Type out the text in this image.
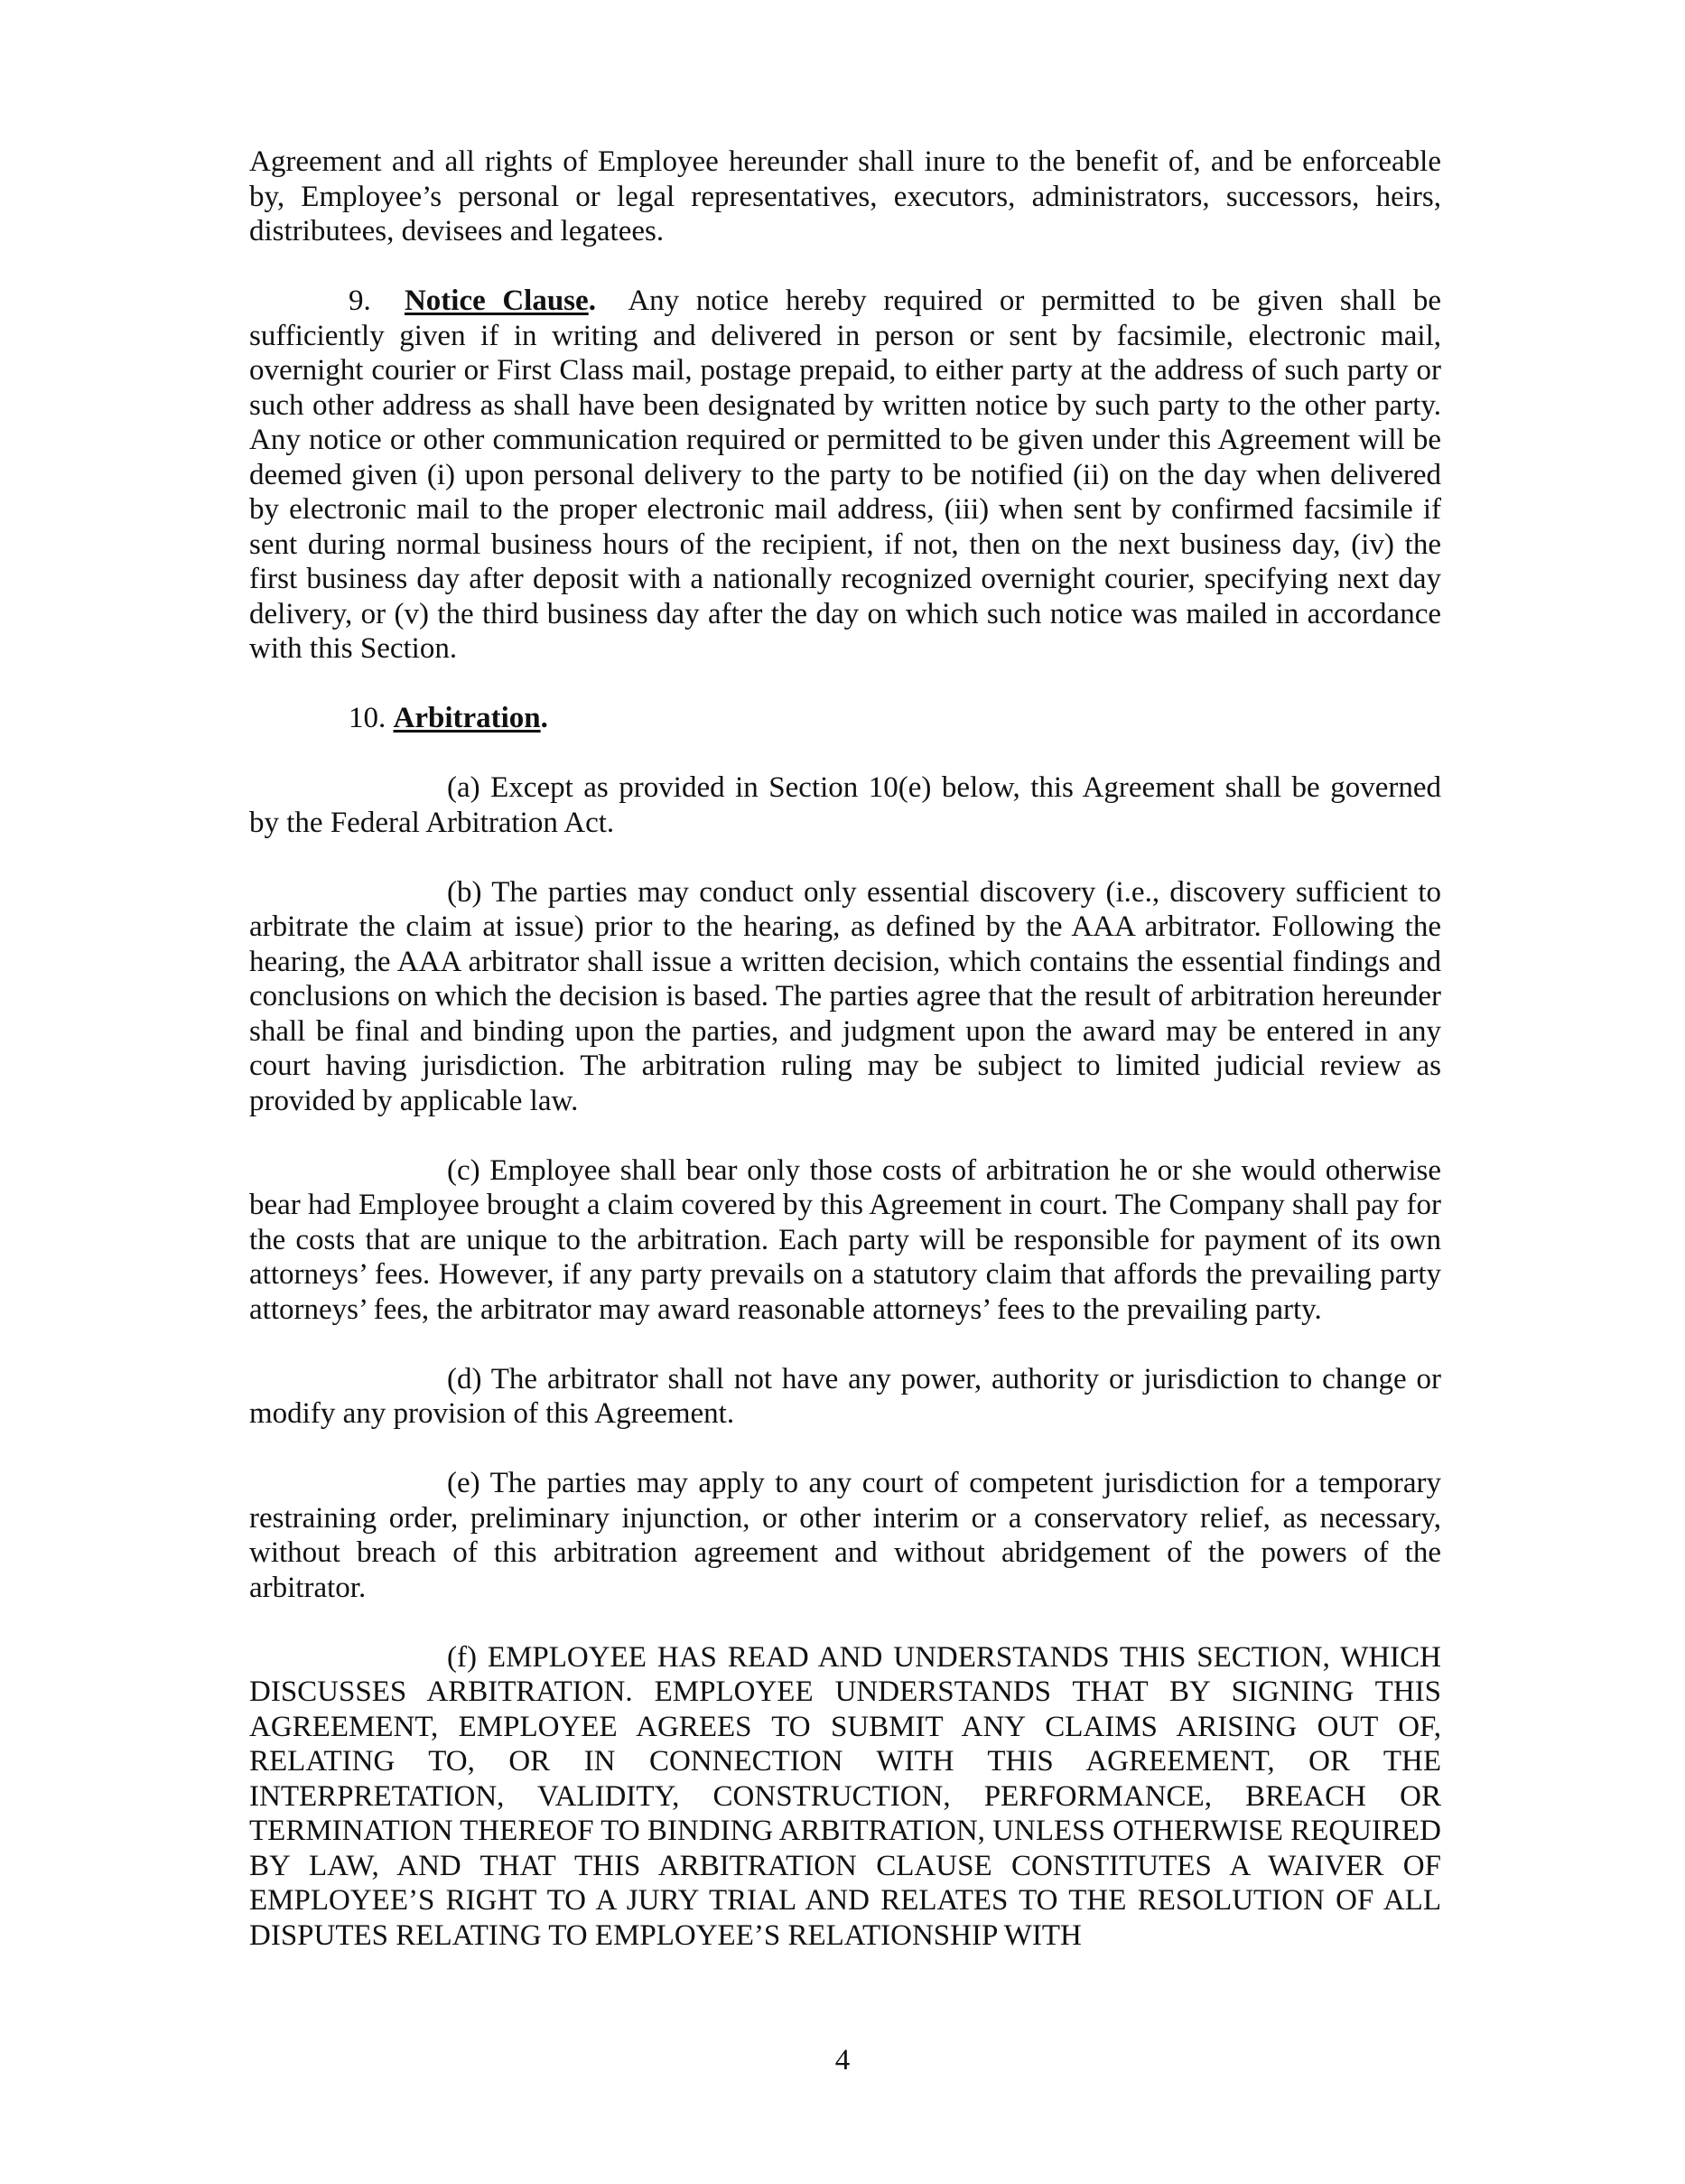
Agreement and all rights of Employee hereunder shall inure to the benefit of, and be enforceable by, Employee’s personal or legal representatives, executors, administrators, successors, heirs, distributees, devisees and legatees.

9. Notice Clause. Any notice hereby required or permitted to be given shall be sufficiently given if in writing and delivered in person or sent by facsimile, electronic mail, overnight courier or First Class mail, postage prepaid, to either party at the address of such party or such other address as shall have been designated by written notice by such party to the other party. Any notice or other communication required or permitted to be given under this Agreement will be deemed given (i) upon personal delivery to the party to be notified (ii) on the day when delivered by electronic mail to the proper electronic mail address, (iii) when sent by confirmed facsimile if sent during normal business hours of the recipient, if not, then on the next business day, (iv) the first business day after deposit with a nationally recognized overnight courier, specifying next day delivery, or (v) the third business day after the day on which such notice was mailed in accordance with this Section.

10. Arbitration.

(a) Except as provided in Section 10(e) below, this Agreement shall be governed by the Federal Arbitration Act.

(b) The parties may conduct only essential discovery (i.e., discovery sufficient to arbitrate the claim at issue) prior to the hearing, as defined by the AAA arbitrator. Following the hearing, the AAA arbitrator shall issue a written decision, which contains the essential findings and conclusions on which the decision is based. The parties agree that the result of arbitration hereunder shall be final and binding upon the parties, and judgment upon the award may be entered in any court having jurisdiction. The arbitration ruling may be subject to limited judicial review as provided by applicable law.

(c) Employee shall bear only those costs of arbitration he or she would otherwise bear had Employee brought a claim covered by this Agreement in court. The Company shall pay for the costs that are unique to the arbitration. Each party will be responsible for payment of its own attorneys’ fees. However, if any party prevails on a statutory claim that affords the prevailing party attorneys’ fees, the arbitrator may award reasonable attorneys’ fees to the prevailing party.

(d) The arbitrator shall not have any power, authority or jurisdiction to change or modify any provision of this Agreement.

(e) The parties may apply to any court of competent jurisdiction for a temporary restraining order, preliminary injunction, or other interim or a conservatory relief, as necessary, without breach of this arbitration agreement and without abridgement of the powers of the arbitrator.

(f) EMPLOYEE HAS READ AND UNDERSTANDS THIS SECTION, WHICH DISCUSSES ARBITRATION. EMPLOYEE UNDERSTANDS THAT BY SIGNING THIS AGREEMENT, EMPLOYEE AGREES TO SUBMIT ANY CLAIMS ARISING OUT OF, RELATING TO, OR IN CONNECTION WITH THIS AGREEMENT, OR THE INTERPRETATION, VALIDITY, CONSTRUCTION, PERFORMANCE, BREACH OR TERMINATION THEREOF TO BINDING ARBITRATION, UNLESS OTHERWISE REQUIRED BY LAW, AND THAT THIS ARBITRATION CLAUSE CONSTITUTES A WAIVER OF EMPLOYEE’S RIGHT TO A JURY TRIAL AND RELATES TO THE RESOLUTION OF ALL DISPUTES RELATING TO EMPLOYEE’S RELATIONSHIP WITH

4
